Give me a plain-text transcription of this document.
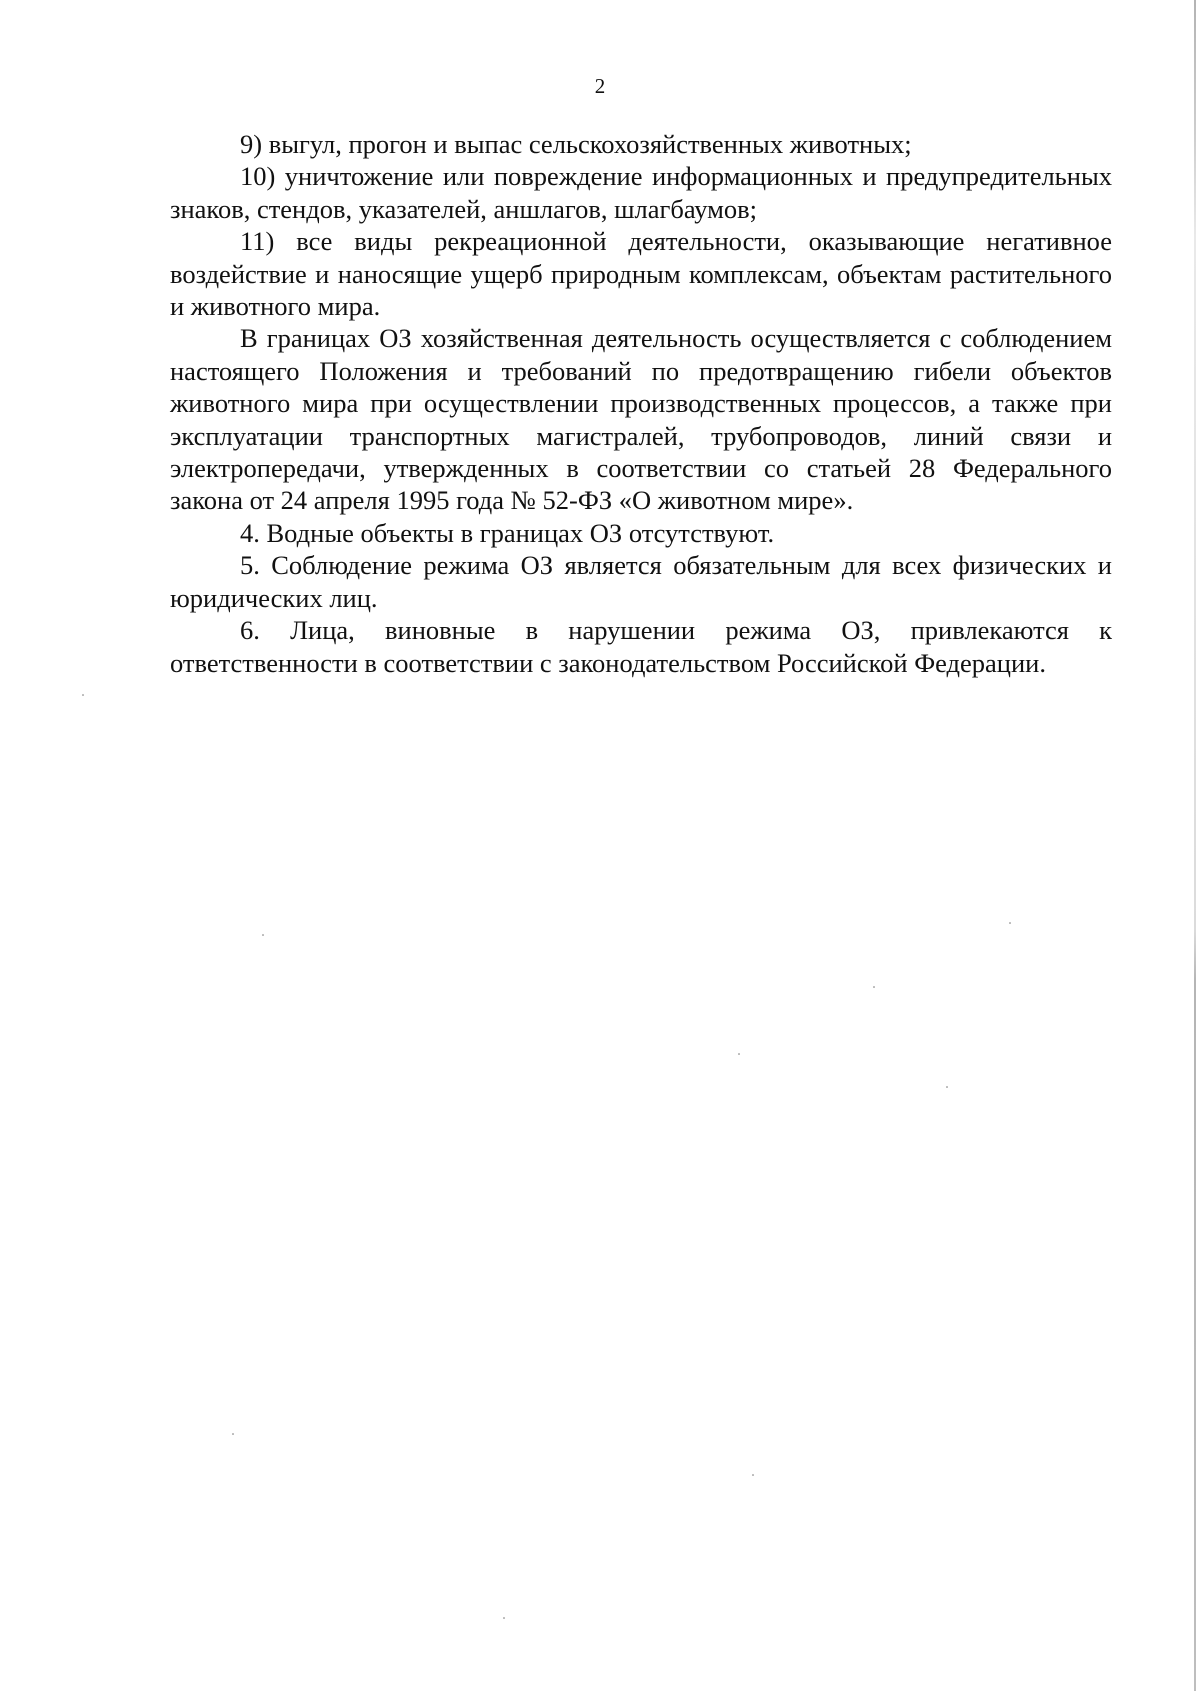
2

9) выгул, прогон и выпас сельскохозяйственных животных;

10) уничтожение или повреждение информационных и предупредительных знаков, стендов, указателей, аншлагов, шлагбаумов;

11) все виды рекреационной деятельности, оказывающие негативное воздействие и наносящие ущерб природным комплексам, объектам растительного и животного мира.

В границах ОЗ хозяйственная деятельность осуществляется с соблюдением настоящего Положения и требований по предотвращению гибели объектов животного мира при осуществлении производственных процессов, а также при эксплуатации транспортных магистралей, трубопроводов, линий связи и электропередачи, утвержденных в соответствии со статьей 28 Федерального закона от 24 апреля 1995 года № 52-ФЗ «О животном мире».

4. Водные объекты в границах ОЗ отсутствуют.

5. Соблюдение режима ОЗ является обязательным для всех физических и юридических лиц.

6. Лица, виновные в нарушении режима ОЗ, привлекаются к ответственности в соответствии с законодательством Российской Федерации.
